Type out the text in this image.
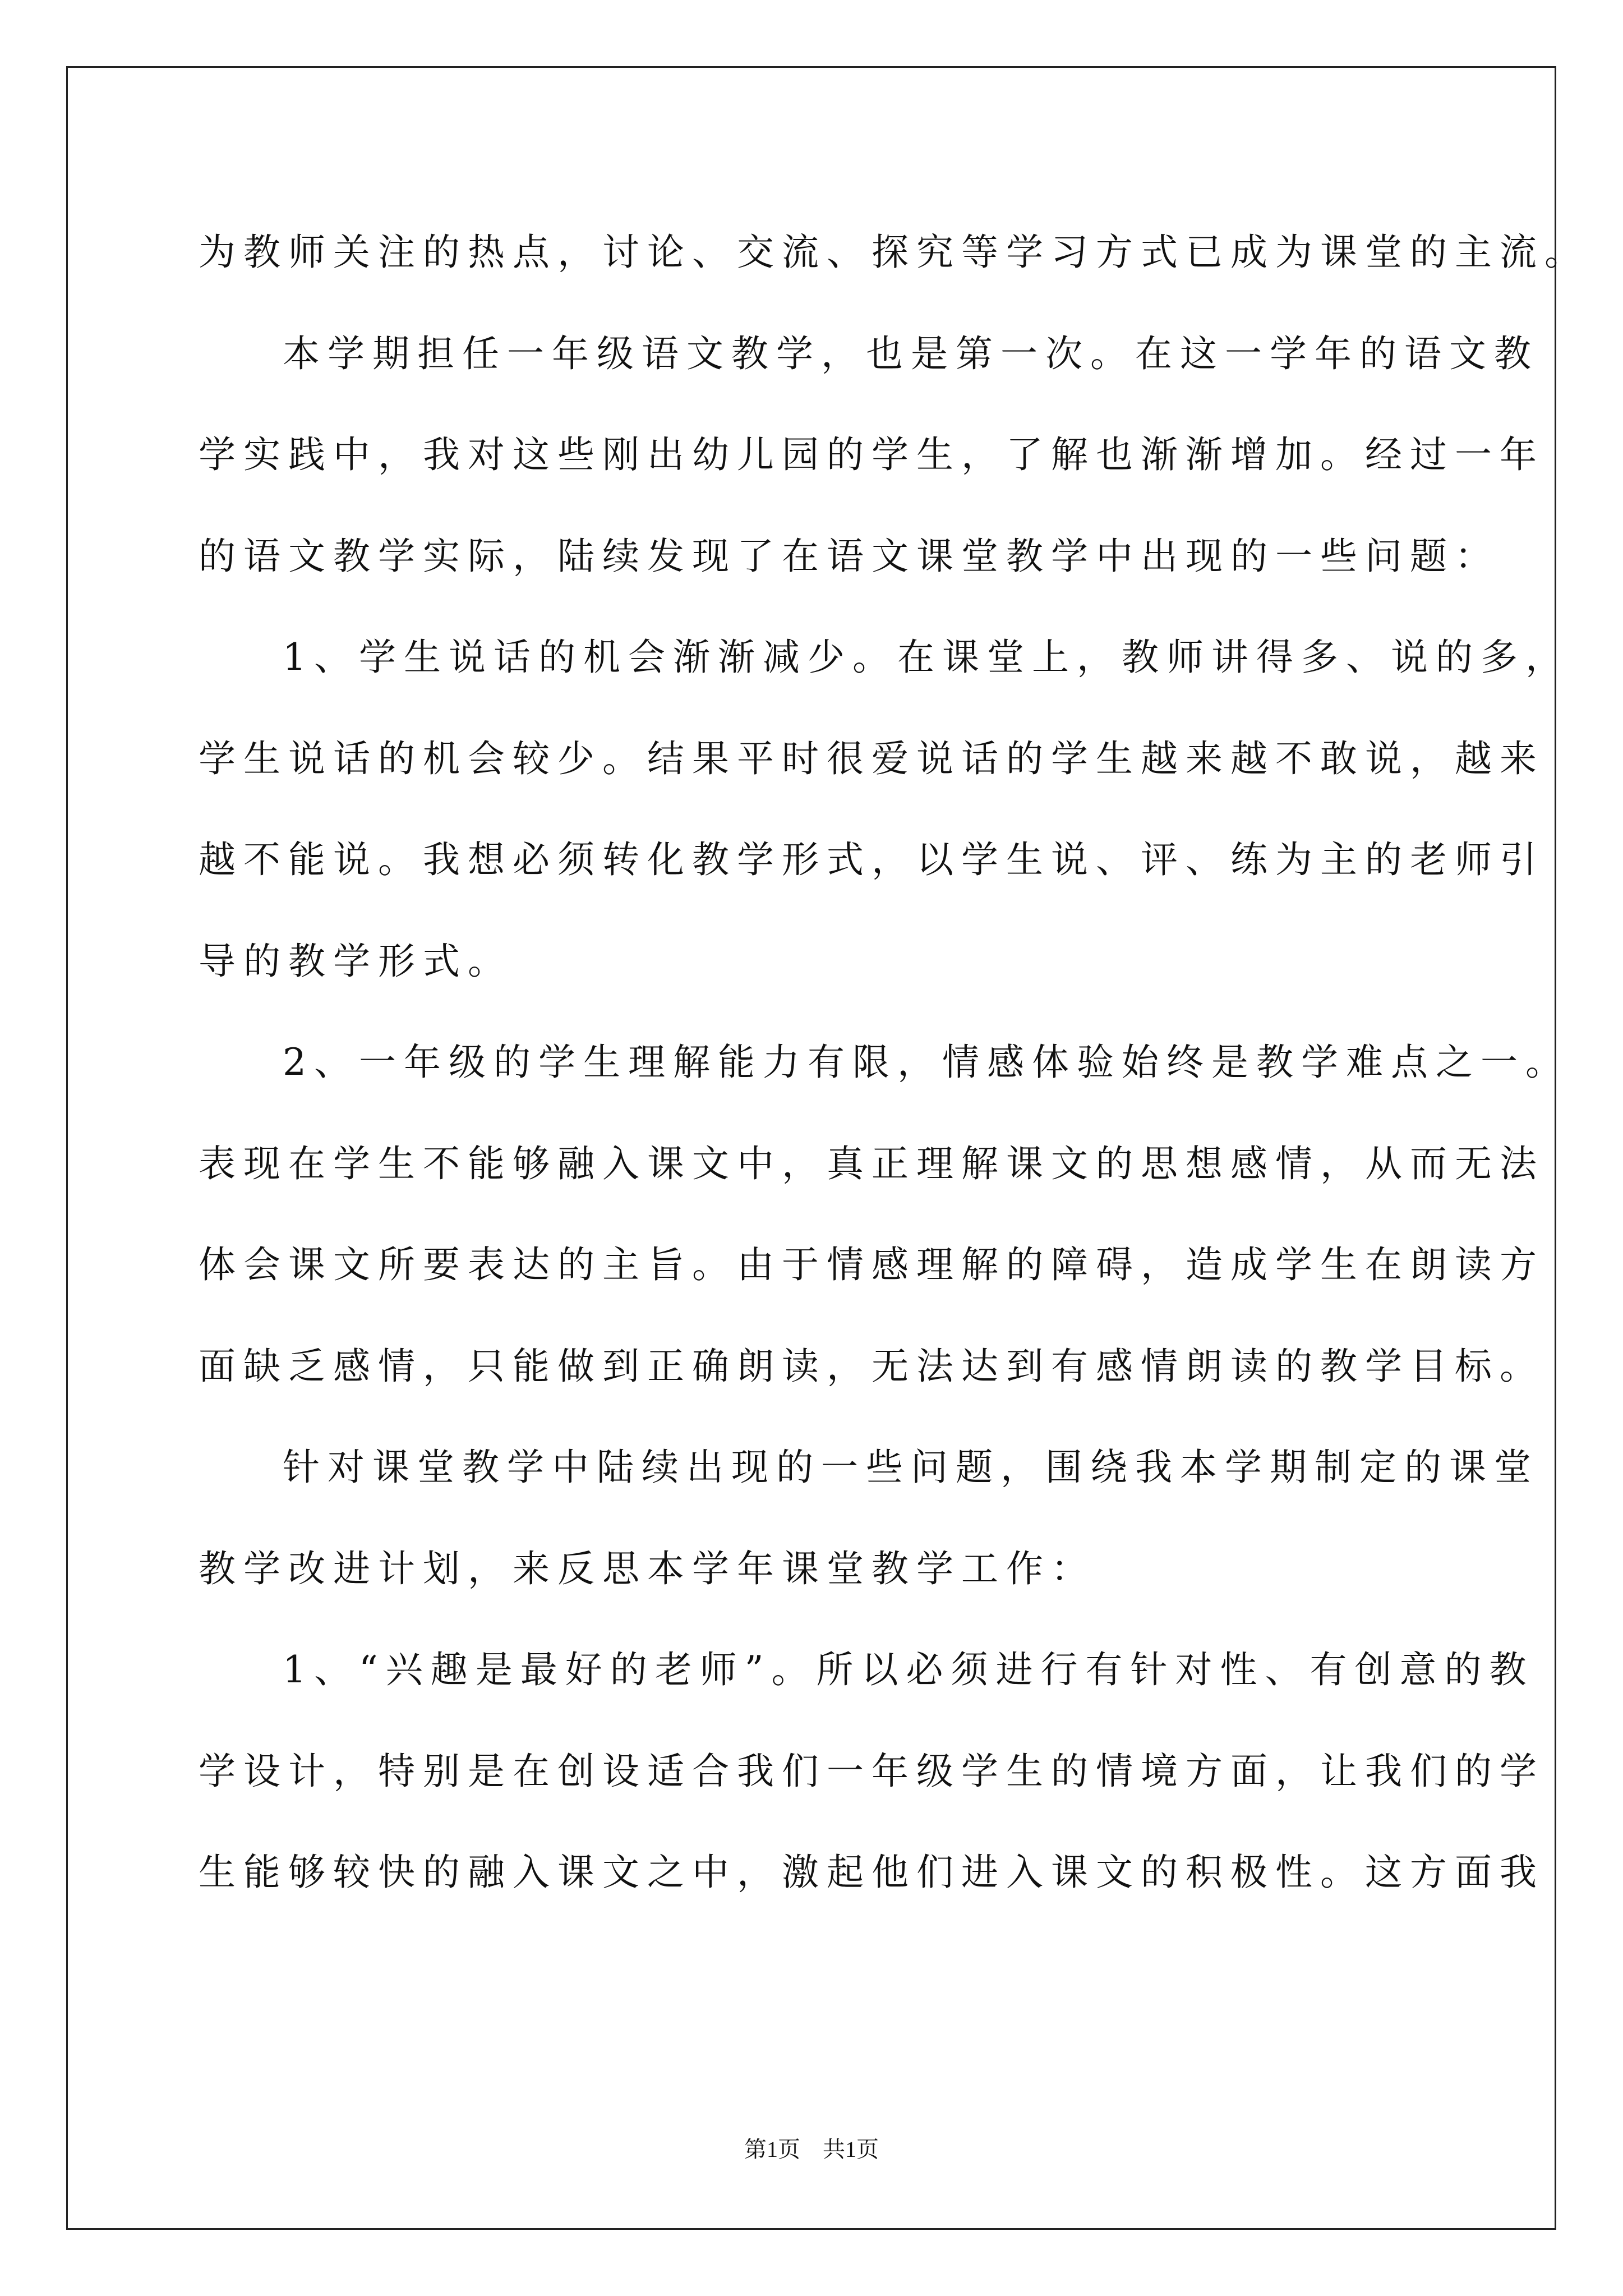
为教师关注的热点，讨论、交流、探究等学习方式已成为课堂的主流。
本学期担任一年级语文教学，也是第一次。在这一学年的语文教
学实践中，我对这些刚出幼儿园的学生，了解也渐渐增加。经过一年
的语文教学实际，陆续发现了在语文课堂教学中出现的一些问题：
1、学生说话的机会渐渐减少。在课堂上，教师讲得多、说的多，
学生说话的机会较少。结果平时很爱说话的学生越来越不敢说，越来
越不能说。我想必须转化教学形式，以学生说、评、练为主的老师引
导的教学形式。
2、一年级的学生理解能力有限，情感体验始终是教学难点之一。
表现在学生不能够融入课文中，真正理解课文的思想感情，从而无法
体会课文所要表达的主旨。由于情感理解的障碍，造成学生在朗读方
面缺乏感情，只能做到正确朗读，无法达到有感情朗读的教学目标。
针对课堂教学中陆续出现的一些问题，围绕我本学期制定的课堂
教学改进计划，来反思本学年课堂教学工作：
1、“兴趣是最好的老师”。所以必须进行有针对性、有创意的教
学设计，特别是在创设适合我们一年级学生的情境方面，让我们的学
生能够较快的融入课文之中，激起他们进入课文的积极性。这方面我
第1页　共1页
